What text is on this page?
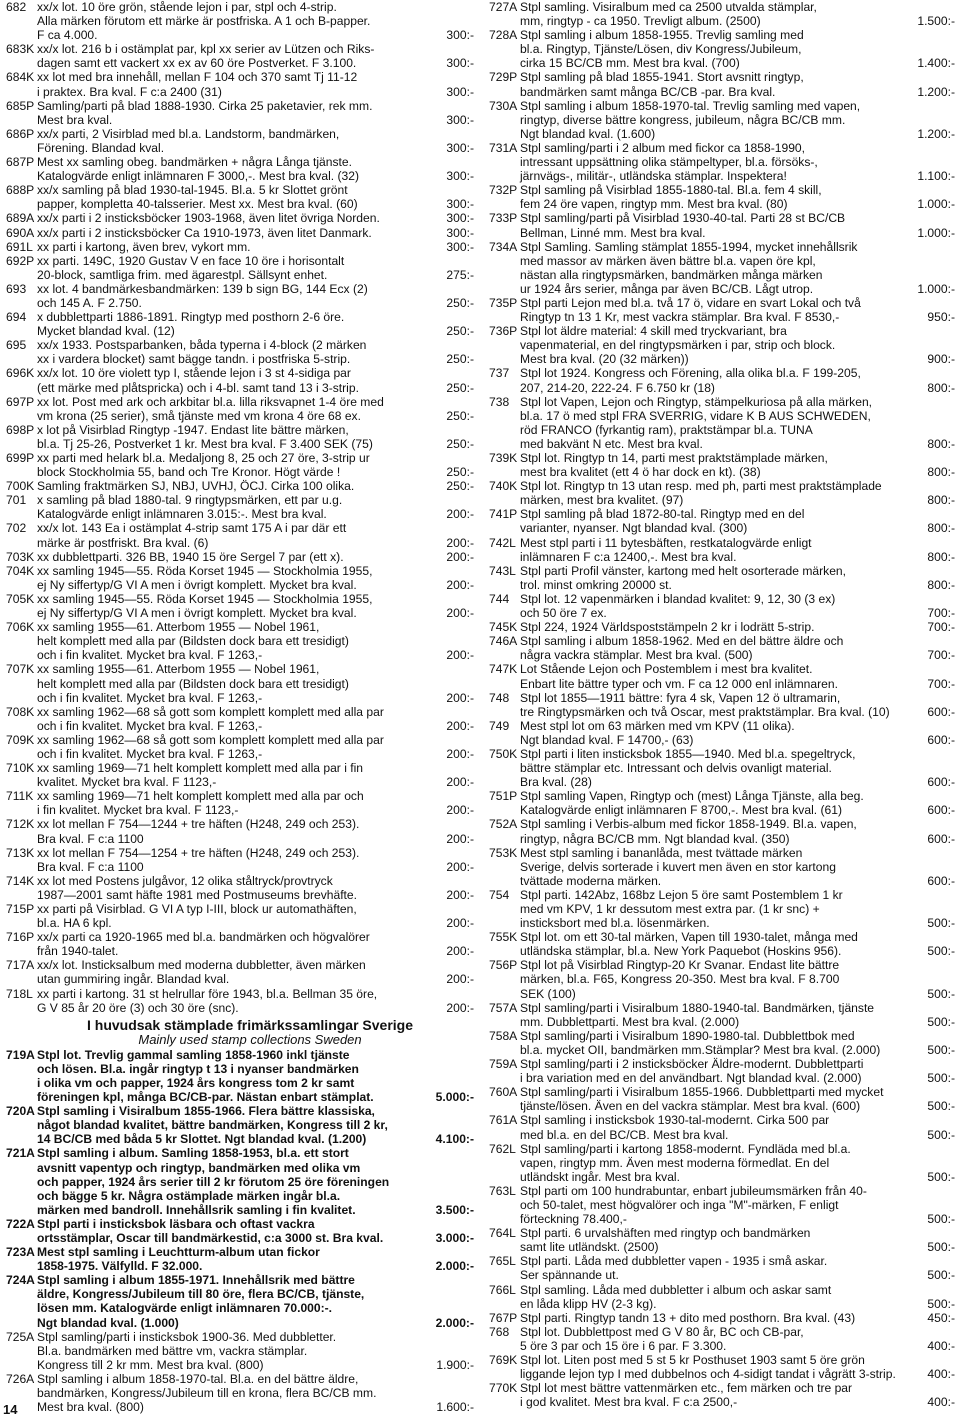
682 xx/x lot. 10 öre grön, stående lejon i par, stpl och 4-strip.
Alla märken förutom ett märke är postfriska. A 1 och B-papper.
F ca 4.000.	300:-
683K xx/x lot. 216 b i ostämplat par, kpl xx serier av Lützen och Riks-
dagen samt ett vackert xx ex av 60 öre Postverket. F 3.100.	300:-
684K xx lot med bra innehåll, mellan F 104 och 370 samt Tj 11-12
i praktex. Bra kval. F c:a 2400 (31)	300:-
685P Samling/parti på blad 1888-1930. Cirka 25 paketavier, rek mm.
Mest bra kval.	300:-
686P xx/x parti, 2 Visirblad med bl.a. Landstorm, bandmärken,
Förening. Blandad kval.	300:-
687P Mest xx samling obeg. bandmärken + några Långa tjänste.
Katalogvärde enligt inlämnaren F 3000,-. Mest bra kval. (32)	300:-
688P xx/x samling på blad 1930-tal-1945. Bl.a. 5 kr Slottet grönt
papper, kompletta 40-talsserier. Mest xx. Mest bra kval. (60)	300:-
689A xx/x parti i 2 insticksböcker 1903-1968, även litet övriga Norden.	300:-
690A xx/x parti i 2 insticksböcker Ca 1910-1973, även litet Danmark.	300:-
691L xx parti i kartong, även brev, vykort mm.	300:-
692P xx parti. 149C, 1920 Gustav V en face 10 öre i horisontalt
20-block, samtliga frim. med ägarestpl. Sällsynt enhet.	275:-
693 xx lot. 4 bandmärkesbandmärken: 139 b sign BG, 144 Ecx (2)
och 145 A. F 2.750.	250:-
694 x dubblettparti 1886-1891. Ringtyp med posthorn 2-6 öre.
Mycket blandad kval. (12)	250:-
695 xx/x 1933. Postsparbanken, båda typerna i 4-block (2 märken
xx i vardera blocket) samt bägge tandn. i postfriska 5-strip.	250:-
696K xx/x lot. 10 öre violett typ I, stående lejon i 3 st 4-sidiga par
(ett märke med plåtspricka) och i 4-bl. samt tand 13 i 3-strip.	250:-
697P xx lot. Post med ark och arkbitar bl.a. lilla riksvapnet 1-4 öre med
vm krona (25 serier), små tjänste med vm krona 4 öre 68 ex.	250:-
698P x lot på Visirblad Ringtyp -1947. Endast lite bättre märken,
bl.a. Tj 25-26, Postverket 1 kr. Mest bra kval. F 3.400 SEK (75)	250:-
699P xx parti med helark bl.a. Medaljong 8, 25 och 27 öre, 3-strip ur
block Stockholmia 55, band och Tre Kronor. Högt värde !	250:-
700K Samling fraktmärken SJ, NBJ, UVHJ, ÖCJ. Cirka 100 olika.	250:-
701 x samling på blad 1880-tal. 9 ringtypsmärken, ett par u.g.
Katalogvärde enligt inlämnaren 3.015:-. Mest bra kval.	200:-
702 xx/x lot. 143 Ea i ostämplat 4-strip samt 175 A i par där ett
märke är postfriskt. Bra kval. (6)	200:-
703K xx dubblettparti. 326 BB, 1940 15 öre Sergel 7 par (ett x).	200:-
704K xx samling 1945—55. Röda Korset 1945 — Stockholmia 1955,
ej Ny siffertyp/G VI A men i övrigt komplett. Mycket bra kval.	200:-
705K xx samling 1945—55. Röda Korset 1945 — Stockholmia 1955,
ej Ny siffertyp/G VI A men i övrigt komplett. Mycket bra kval.	200:-
706K xx samling 1955—61. Atterbom 1955 — Nobel 1961,
helt komplett med alla par (Bildsten dock bara ett tresidigt)
och i fin kvalitet. Mycket bra kval. F 1263,-	200:-
707K xx samling 1955—61. Atterbom 1955 — Nobel 1961,
helt komplett med alla par (Bildsten dock bara ett tresidigt)
och i fin kvalitet. Mycket bra kval. F 1263,-	200:-
708K xx samling 1962—68 så gott som komplett komplett med alla par
och i fin kvalitet. Mycket bra kval. F 1263,-	200:-
709K xx samling 1962—68 så gott som komplett komplett med alla par
och i fin kvalitet. Mycket bra kval. F 1263,-	200:-
710K xx samling 1969—71 helt komplett komplett med alla par i fin
kvalitet. Mycket bra kval. F 1123,-	200:-
711K xx samling 1969—71 helt komplett komplett med alla par och
i fin kvalitet. Mycket bra kval. F 1123,-	200:-
712K xx lot mellan F 754—1244 + tre häften (H248, 249 och 253).
Bra kval. F c:a 1100	200:-
713K xx lot mellan F 754—1254 + tre häften (H248, 249 och 253).
Bra kval. F c:a 1100	200:-
714K xx lot med Postens julgåvor, 12 olika ståltryck/provtryck
1987—2001 samt häfte 1981 med Postmuseums brevhäfte.	200:-
715P xx parti på Visirblad. G VI A typ I-III, block ur automathäften,
bl.a. HA 6 kpl.	200:-
716P xx/x parti ca 1920-1965 med bl.a. bandmärken och högvalörer
från 1940-talet.	200:-
717A xx/x lot. Insticksalbum med moderna dubbletter, även märken
utan gummiring ingår. Blandad kval.	200:-
718L xx parti i kartong. 31 st helrullar före 1943, bl.a. Bellman 35 öre,
G V 85 år 20 öre (3) och 30 öre (snc).	200:-
I huvudsak stämplade frimärkssamlingar Sverige
Mainly used stamp collections Sweden
719A Stpl lot. Trevlig gammal samling 1858-1960 inkl tjänste
och lösen. Bl.a. ingår ringtyp t 13 i nyanser bandmärken
i olika vm och papper, 1924 års kongress tom 2 kr samt
föreningen kpl, många BC/CB-par. Nästan enbart stämplat.	5.000:-
720A Stpl samling i Visiralbum 1855-1966. Flera bättre klassiska,
något blandad kvalitet, bättre bandmärken, Kongress till 2 kr,
14 BC/CB med båda 5 kr Slottet. Ngt blandad kval. (1.200)	4.100:-
721A Stpl samling i album. Samling 1858-1953, bl.a. ett stort
avsnitt vapentyp och ringtyp, bandmärken med olika vm
och papper, 1924 års serier till 2 kr förutom 25 öre föreningen
och bägge 5 kr. Några ostämplade märken ingår bl.a.
märken med bandroll. Innehållsrik samling i fin kvalitet.	3.500:-
722A Stpl parti i insticksbok läsbara och oftast vackra
ortsstämplar, Oscar till bandmärkestid, c:a 3000 st. Bra kval.	3.000:-
723A Mest stpl samling i Leuchtturm-album utan fickor
1858-1975. Välfylld. F 32.000.	2.000:-
724A Stpl samling i album 1855-1971. Innehållsrik med bättre
äldre, Kongress/Jubileum till 80 öre, flera BC/CB, tjänste,
lösen mm. Katalogvärde enligt inlämnaren 70.000:-.
Ngt blandad kval. (1.000)	2.000:-
725A Stpl samling/parti i insticksbok 1900-36. Med dubbletter.
Bl.a. bandmärken med bättre vm, vackra stämplar.
Kongress till 2 kr mm. Mest bra kval. (800)	1.900:-
726A Stpl samling i album 1858-1970-tal. Bl.a. en del bättre äldre,
bandmärken, Kongress/Jubileum till en krona, flera BC/CB mm.
Mest bra kval. (800)	1.600:-
727A Stpl samling. Visiralbum med ca 2500 utvalda stämplar,
mm, ringtyp - ca 1950. Trevligt album. (2500)	1.500:-
728A Stpl samling i album 1858-1955. Trevlig samling med
bl.a. Ringtyp, Tjänste/Lösen, div Kongress/Jubileum,
cirka 15 BC/CB mm. Mest bra kval. (700)	1.400:-
729P Stpl samling på blad 1855-1941. Stort avsnitt ringtyp,
bandmärken samt många BC/CB -par. Bra kval.	1.200:-
730A Stpl samling i album 1858-1970-tal. Trevlig samling med vapen,
ringtyp, diverse bättre kongress, jubileum, några BC/CB mm.
Ngt blandad kval. (1.600)	1.200:-
731A Stpl samling/parti i 2 album med fickor ca 1858-1990,
intressant uppsättning olika stämpeltyper, bl.a. försöks-,
järnvägs-, militär-, utländska stämplar. Inspektera!	1.100:-
732P Stpl samling på Visirblad 1855-1880-tal. Bl.a. fem 4 skill,
fem 24 öre vapen, ringtyp mm. Mest bra kval. (80)	1.000:-
733P Stpl samling/parti på Visirblad 1930-40-tal. Parti 28 st BC/CB
Bellman, Linné mm. Mest bra kval.	1.000:-
734A Stpl Samling. Samling stämplat 1855-1994, mycket innehållsrik
med massor av märken även bättre bl.a. vapen öre kpl,
nästan alla ringtypsmärken, bandmärken många märken
ur 1924 års serier, många par även BC/CB. Lågt utrop.	1.000:-
735P Stpl parti Lejon med bl.a. två 17 ö, vidare en svart Lokal och två
Ringtyp tn 13 1 Kr, mest vackra stämplar. Bra kval. F 8530,-	950:-
736P Stpl lot äldre material: 4 skill med tryckvariant, bra
vapenmaterial, en del ringtypsmärken i par, strip och block.
Mest bra kval. (20 (32 märken))	900:-
737 Stpl lot 1924. Kongress och Förening, alla olika bl.a. F 199-205,
207, 214-20, 222-24. F 6.750 kr (18)	800:-
738 Stpl lot Vapen, Lejon och Ringtyp, stämpelkuriosa på alla märken,
bl.a. 17 ö med stpl FRA SVERRIG, vidare K B AUS SCHWEDEN,
röd FRANCO (fyrkantig ram), praktstämpar bl.a. TUNA
med bakvänt N etc. Mest bra kval.	800:-
739K Stpl lot. Ringtyp tn 14, parti mest praktstämplade märken,
mest bra kvalitet (ett 4 ö har dock en kt). (38)	800:-
740K Stpl lot. Ringtyp tn 13 utan resp. med ph, parti mest praktstämplade
märken, mest bra kvalitet. (97)	800:-
741P Stpl samling på blad 1872-80-tal. Ringtyp med en del
varianter, nyanser. Ngt blandad kval. (300)	800:-
742L Mest stpl parti i 11 bytesbäften, restkatalogvärde enligt
inlämnaren F c:a 12400,-. Mest bra kval.	800:-
743L Stpl parti Profil vänster, kartong med helt osorterade märken,
trol. minst omkring 20000 st.	800:-
744 Stpl lot. 12 vapenmärken i blandad kvalitet: 9, 12, 30 (3 ex)
och 50 öre 7 ex.	700:-
745K Stpl 224, 1924 Världspoststämpeln 2 kr i lodrätt 5-strip.	700:-
746A Stpl samling i album 1858-1962. Med en del bättre äldre och
några vackra stämplar. Mest bra kval. (500)	700:-
747K Lot Stående Lejon och Postemblem i mest bra kvalitet.
Enbart lite bättre typer och vm. F ca 12 000 enl inlämnaren.	700:-
748 Stpl lot 1855—1911 bättre: fyra 4 sk, Vapen 12 ö ultramarin,
tre Ringtypsmärken och två Oscar, mest praktstämplar. Bra kval. (10)	600:-
749 Mest stpl lot om 63 märken med vm KPV (11 olika).
Ngt blandad kval. F 14700,- (63)	600:-
750K Stpl parti i liten insticksbok 1855—1940. Med bl.a. spegeltryck,
bättre stämplar etc. Intressant och delvis ovanligt material.
Bra kval. (28)	600:-
751P Stpl samling Vapen, Ringtyp och (mest) Långa Tjänste, alla beg.
Katalogvärde enligt inlämnaren F 8700,-. Mest bra kval. (61)	600:-
752A Stpl samling i Verbis-album med fickor 1858-1949. Bl.a. vapen,
ringtyp, några BC/CB mm. Ngt blandad kval. (350)	600:-
753K Mest stpl samling i bananlåda, mest tvättade märken
Sverige, delvis sorterade i kuvert men även en stor kartong
tvättade moderna märken.	600:-
754 Stpl parti. 142Abz, 168bz Lejon 5 öre samt Postemblem 1 kr
med vm KPV, 1 kr dessutom mest extra par. (1 kr snc) +
insticksbort med bl.a. lösenmärken.	500:-
755K Stpl lot. om ett 30-tal märken, Vapen till 1930-talet, många med
utländska stämplar, bl.a. New York Paquebot (Hoskins 956).	500:-
756P Stpl lot på Visirblad Ringtyp-20 Kr Svanar. Endast lite bättre
märken, bl.a. F65, Kongress 20-350. Mest bra kval. F 8.700
SEK (100)	500:-
757A Stpl samling/parti i Visiralbum 1880-1940-tal. Bandmärken, tjänste
mm. Dubblettparti. Mest bra kval. (2.000)	500:-
758A Stpl samling/parti i Visiralbum 1890-1980-tal. Dubblettbok med
bl.a. mycket OII, bandmärken mm.Stämplar? Mest bra kval. (2.000)	500:-
759A Stpl samling/parti i 2 insticksböcker Äldre-modernt. Dubblettparti
i bra variation med en del användbart. Ngt blandad kval. (2.000)	500:-
760A Stpl samling/parti i Visiralbum 1855-1966. Dubblettparti med mycket
tjänste/lösen. Även en del vackra stämplar. Mest bra kval. (600)	500:-
761A Stpl samling i insticksbok 1930-tal-modernt. Cirka 500 par
med bl.a. en del BC/CB. Mest bra kval.	500:-
762L Stpl samling/parti i kartong 1858-modernt. Fyndläda med bl.a.
vapen, ringtyp mm. Även mest moderna förmedlat. En del
utländskt ingår. Mest bra kval.	500:-
763L Stpl parti om 100 hundrabuntar, enbart jubileumsmärken från 40-
och 50-talet, mest högvalörer och inga "M"-märken, F enligt
förteckning 78.400,-	500:-
764L Stpl parti. 6 urvalshäften med ringtyp och bandmärken
samt lite utländskt. (2500)	500:-
765L Stpl parti. Låda med dubbletter vapen - 1935 i små askar.
Ser spännande ut.	500:-
766L Stpl samling. Låda med dubbletter i album och askar samt
en låda klipp HV (2-3 kg).	500:-
767P Stpl parti. Ringtyp tandn 13 + dito med posthorn. Bra kval. (43)	450:-
768 Stpl lot. Dubblettpost med G V 80 år, BC och CB-par,
5 öre 3 par och 15 öre i 6 par. F 3.300.	400:-
769K Stpl lot. Liten post med 5 st 5 kr Posthuset 1903 samt 5 öre grön
liggande lejon typ I med dubbelnos och 4-sidigt tandat i vågrätt 3-strip.	400:-
770K Stpl lot mest bättre vattenmärken etc., fem märken och tre par
i god kvalitet. Mest bra kval. F c:a 2500,-	400:-
14
